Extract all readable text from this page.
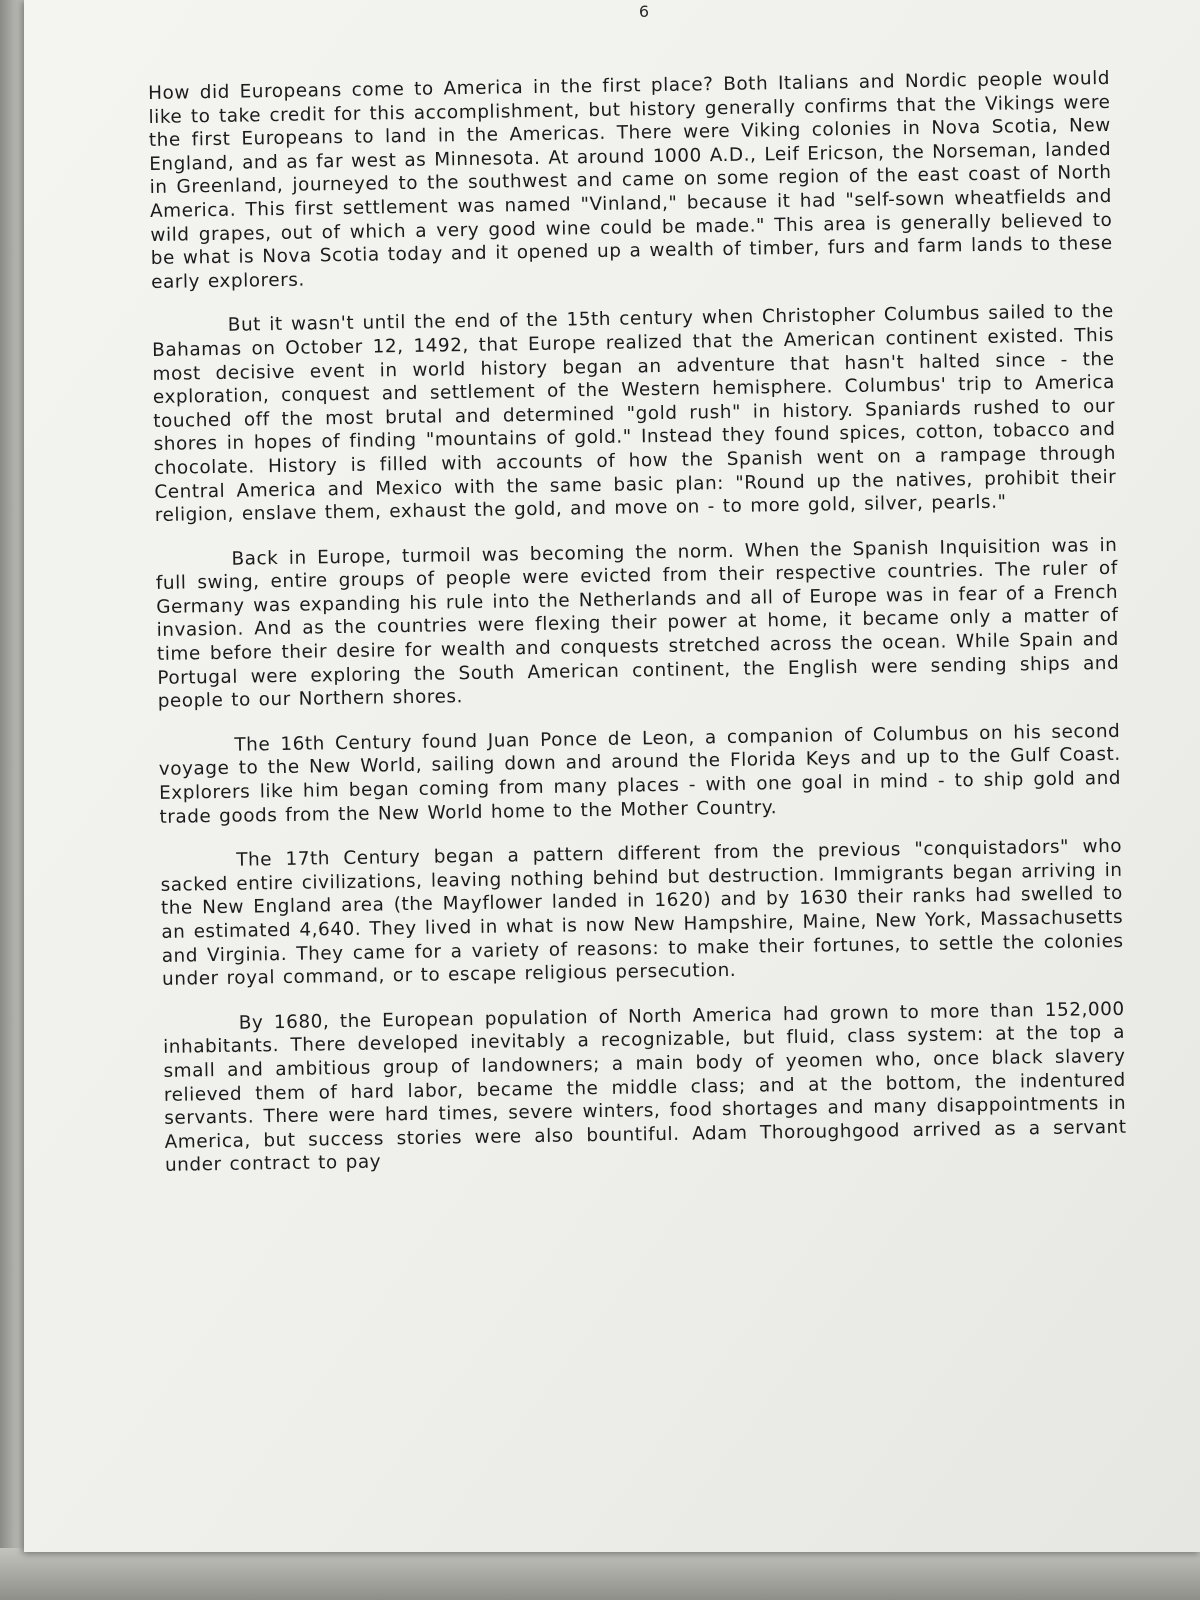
6

How did Europeans come to America in the first place? Both Italians and Nordic people would like to take credit for this accomplishment, but history generally confirms that the Vikings were the first Europeans to land in the Americas. There were Viking colonies in Nova Scotia, New England, and as far west as Minnesota. At around 1000 A.D., Leif Ericson, the Norseman, landed in Greenland, journeyed to the southwest and came on some region of the east coast of North America. This first settlement was named "Vinland," because it had "self-sown wheatfields and wild grapes, out of which a very good wine could be made." This area is generally believed to be what is Nova Scotia today and it opened up a wealth of timber, furs and farm lands to these early explorers.

But it wasn't until the end of the 15th century when Christopher Columbus sailed to the Bahamas on October 12, 1492, that Europe realized that the American continent existed. This most decisive event in world history began an adventure that hasn't halted since - the exploration, conquest and settlement of the Western hemisphere. Columbus' trip to America touched off the most brutal and determined "gold rush" in history. Spaniards rushed to our shores in hopes of finding "mountains of gold." Instead they found spices, cotton, tobacco and chocolate. History is filled with accounts of how the Spanish went on a rampage through Central America and Mexico with the same basic plan: "Round up the natives, prohibit their religion, enslave them, exhaust the gold, and move on - to more gold, silver, pearls."

Back in Europe, turmoil was becoming the norm. When the Spanish Inquisition was in full swing, entire groups of people were evicted from their respective countries. The ruler of Germany was expanding his rule into the Netherlands and all of Europe was in fear of a French invasion. And as the countries were flexing their power at home, it became only a matter of time before their desire for wealth and conquests stretched across the ocean. While Spain and Portugal were exploring the South American continent, the English were sending ships and people to our Northern shores.

The 16th Century found Juan Ponce de Leon, a companion of Columbus on his second voyage to the New World, sailing down and around the Florida Keys and up to the Gulf Coast. Explorers like him began coming from many places - with one goal in mind - to ship gold and trade goods from the New World home to the Mother Country.

The 17th Century began a pattern different from the previous "conquistadors" who sacked entire civilizations, leaving nothing behind but destruction. Immigrants began arriving in the New England area (the Mayflower landed in 1620) and by 1630 their ranks had swelled to an estimated 4,640. They lived in what is now New Hampshire, Maine, New York, Massachusetts and Virginia. They came for a variety of reasons: to make their fortunes, to settle the colonies under royal command, or to escape religious persecution.

By 1680, the European population of North America had grown to more than 152,000 inhabitants. There developed inevitably a recognizable, but fluid, class system: at the top a small and ambitious group of landowners; a main body of yeomen who, once black slavery relieved them of hard labor, became the middle class; and at the bottom, the indentured servants. There were hard times, severe winters, food shortages and many disappointments in America, but success stories were also bountiful. Adam Thoroughgood arrived as a servant under contract to pay
